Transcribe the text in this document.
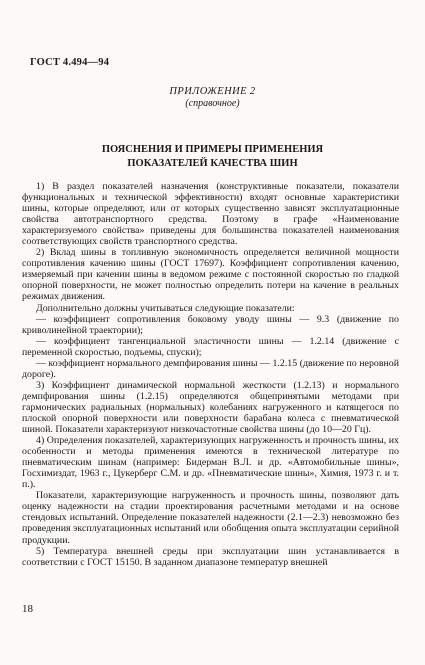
ГОСТ 4.494—94
ПРИЛОЖЕНИЕ 2
(справочное)
ПОЯСНЕНИЯ И ПРИМЕРЫ ПРИМЕНЕНИЯ
ПОКАЗАТЕЛЕЙ КАЧЕСТВА ШИН

1) В раздел показателей назначения (конструктивные показатели, показатели функциональных и технической эффективности) входят основные характеристики шины, которые определяют, или от которых существенно зависят эксплуатационные свойства автотранспортного средства. Поэтому в графе «Наименование характеризуемого свойства» приведены для большинства показателей наименования соответствующих свойств транспортного средства.

2) Вклад шины в топливную экономичность определяется величиной мощности сопротивления качению шины (ГОСТ 17697). Коэффициент сопротивления качению, измеряемый при качении шины в ведомом режиме с постоянной скоростью по гладкой опорной поверхности, не может полностью определить потери на качение в реальных режимах движения.

Дополнительно должны учитываться следующие показатели:

— коэффициент сопротивления боковому уводу шины — 9.3 (движение по криволинейной траектории);

— коэффициент тангенциальной эластичности шины — 1.2.14 (движение с переменной скоростью, подъемы, спуски);

— коэффициент нормального демпфирования шины — 1.2.15 (движение по неровной дороге).

3) Коэффициент динамической нормальной жесткости (1.2.13) и нормального демпфирования шины (1.2.15) определяются общепринятыми методами при гармонических радиальных (нормальных) колебаниях нагруженного и катящегося по плоской опорной поверхности или поверхности барабана колеса с пневматической шиной. Показатели характеризуют низкочастотные свойства шины (до 10—20 Гц).

4) Определения показателей, характеризующих нагруженность и прочность шины, их особенности и методы применения имеются в технической литературе по пневматическим шинам (например: Бидерман В.Л. и др. «Автомобильные шины», Госхимиздат, 1963 г., Цукерберг С.М. и др. «Пневматические шины», Химия, 1973 г. и т. п.).

Показатели, характеризующие нагруженность и прочность шины, позволяют дать оценку надежности на стадии проектирования расчетными методами и на основе стендовых испытаний. Определение показателей надежности (2.1—2.3) невозможно без проведения эксплуатационных испытаний или обобщения опыта эксплуатации серийной продукции.

5) Температура внешней среды при эксплуатации шин устанавливается в соответствии с ГОСТ 15150. В заданном диапазоне температур внешней

18
